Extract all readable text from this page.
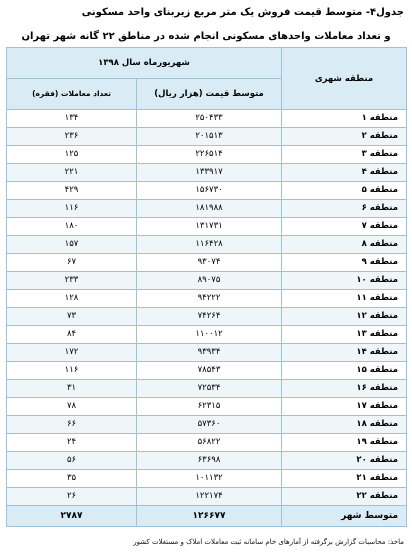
جدول۴- متوسط قیمت فروش یک متر مربع زیربنای واحد مسکونی
و تعداد معاملات واحدهای مسکونی انجام شده در مناطق ۲۲ گانه شهر تهران
منطقه شهری	شهریورماه سال ۱۳۹۸	
	متوسط قیمت (هزار ریال)	تعداد معاملات (فقره)
منطقه ۱	۲۵۰۴۳۳	۱۳۴
منطقه ۲	۲۰۱۵۱۳	۲۳۶
منطقه ۳	۲۲۶۵۱۴	۱۲۵
منطقه ۴	۱۳۳۹۱۷	۲۲۱
منطقه ۵	۱۵۶۷۳۰	۴۲۹
منطقه ۶	۱۸۱۹۸۸	۱۱۶
منطقه ۷	۱۳۱۷۳۱	۱۸۰
منطقه ۸	۱۱۶۴۲۸	۱۵۷
منطقه ۹	۹۳۰۷۴	۶۷
منطقه ۱۰	۸۹۰۷۵	۲۳۳
منطقه ۱۱	۹۴۲۲۲	۱۲۸
منطقه ۱۲	۷۴۲۶۴	۷۳
منطقه ۱۳	۱۱۰۰۱۲	۸۴
منطقه ۱۴	۹۳۹۳۴	۱۷۲
منطقه ۱۵	۷۸۵۴۳	۱۱۶
منطقه ۱۶	۷۲۵۳۴	۳۱
منطقه ۱۷	۶۲۳۱۵	۷۸
منطقه ۱۸	۵۷۳۶۰	۶۶
منطقه ۱۹	۵۶۸۲۲	۲۴
منطقه ۲۰	۶۳۶۹۸	۵۶
منطقه ۲۱	۱۰۱۱۳۲	۳۵
منطقه ۲۲	۱۲۲۱۷۴	۲۶
متوسط شهر	۱۲۶۶۷۷	۲۷۸۷
ماخذ: محاسبات گزارش برگرفته از آمارهای خام سامانه ثبت معاملات املاک و مستغلات کشور
